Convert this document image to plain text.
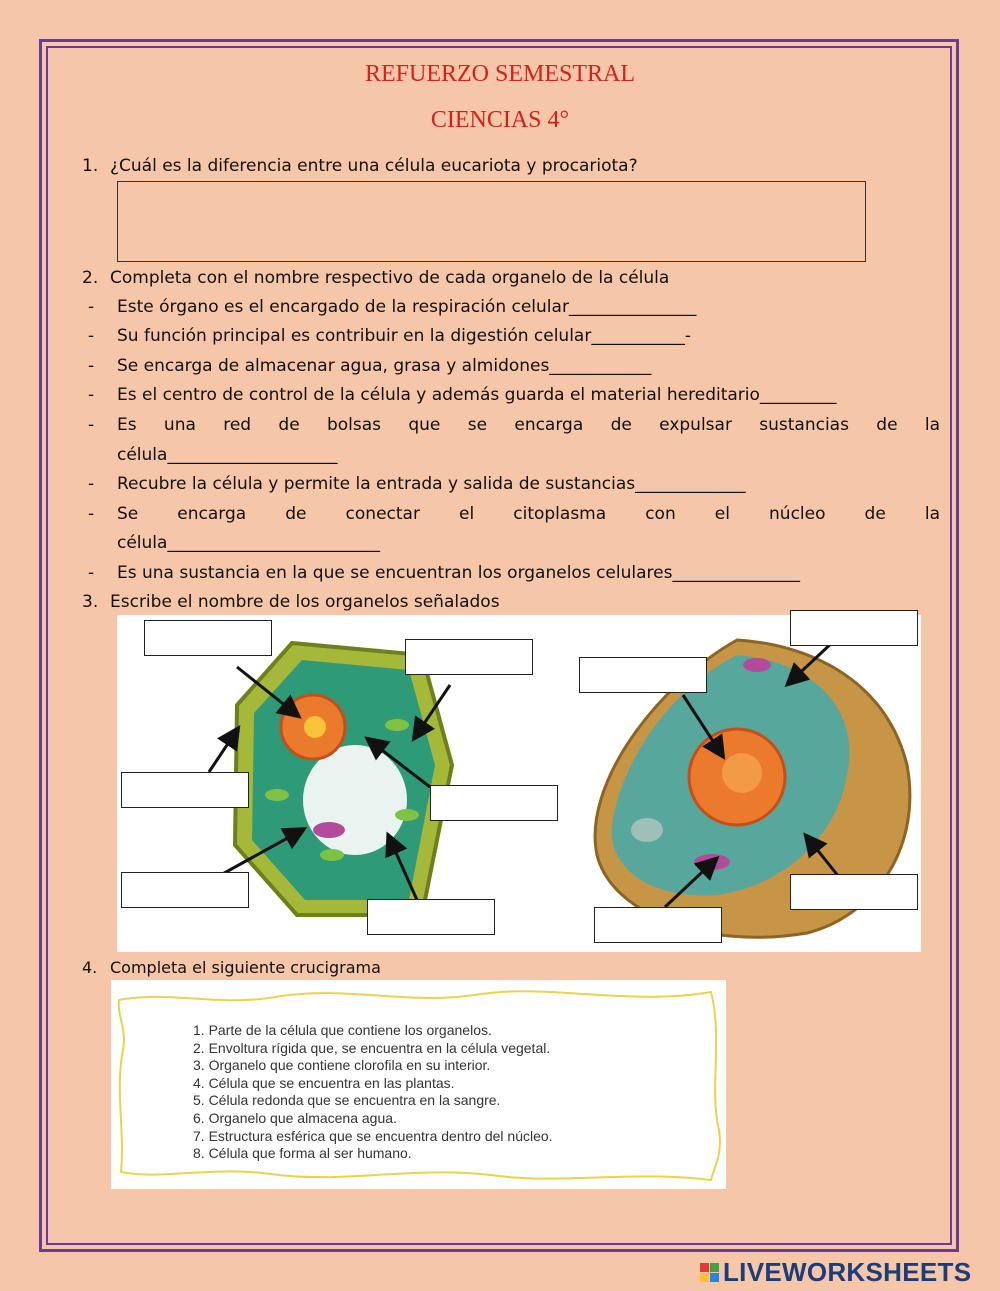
REFUERZO SEMESTRAL
CIENCIAS 4°
1. ¿Cuál es la diferencia entre una célula eucariota y procariota?
2. Completa con el nombre respectivo de cada organelo de la célula
- Este órgano es el encargado de la respiración celular_______________
- Su función principal es contribuir en la digestión celular___________-
- Se encarga de almacenar agua, grasa y almidones____________
- Es el centro de control de la célula y además guarda el material hereditario_________
- Es una red de bolsas que se encarga de expulsar sustancias de la
célula____________________
- Recubre la célula y permite la entrada y salida de sustancias_____________
- Se encarga de conectar el citoplasma con el núcleo de la
célula_________________________
- Es una sustancia en la que se encuentran los organelos celulares_______________
3. Escribe el nombre de los organelos señalados
4. Completa el siguiente crucigrama
1. Parte de la célula que contiene los organelos.
2. Envoltura rígida que, se encuentra en la célula vegetal.
3. Organelo que contiene clorofila en su interior.
4. Célula que se encuentra en las plantas.
5. Célula redonda que se encuentra en la sangre.
6. Organelo que almacena agua.
7. Estructura esférica que se encuentra dentro del núcleo.
8. Célula que forma al ser humano.
LIVEWORKSHEETS
